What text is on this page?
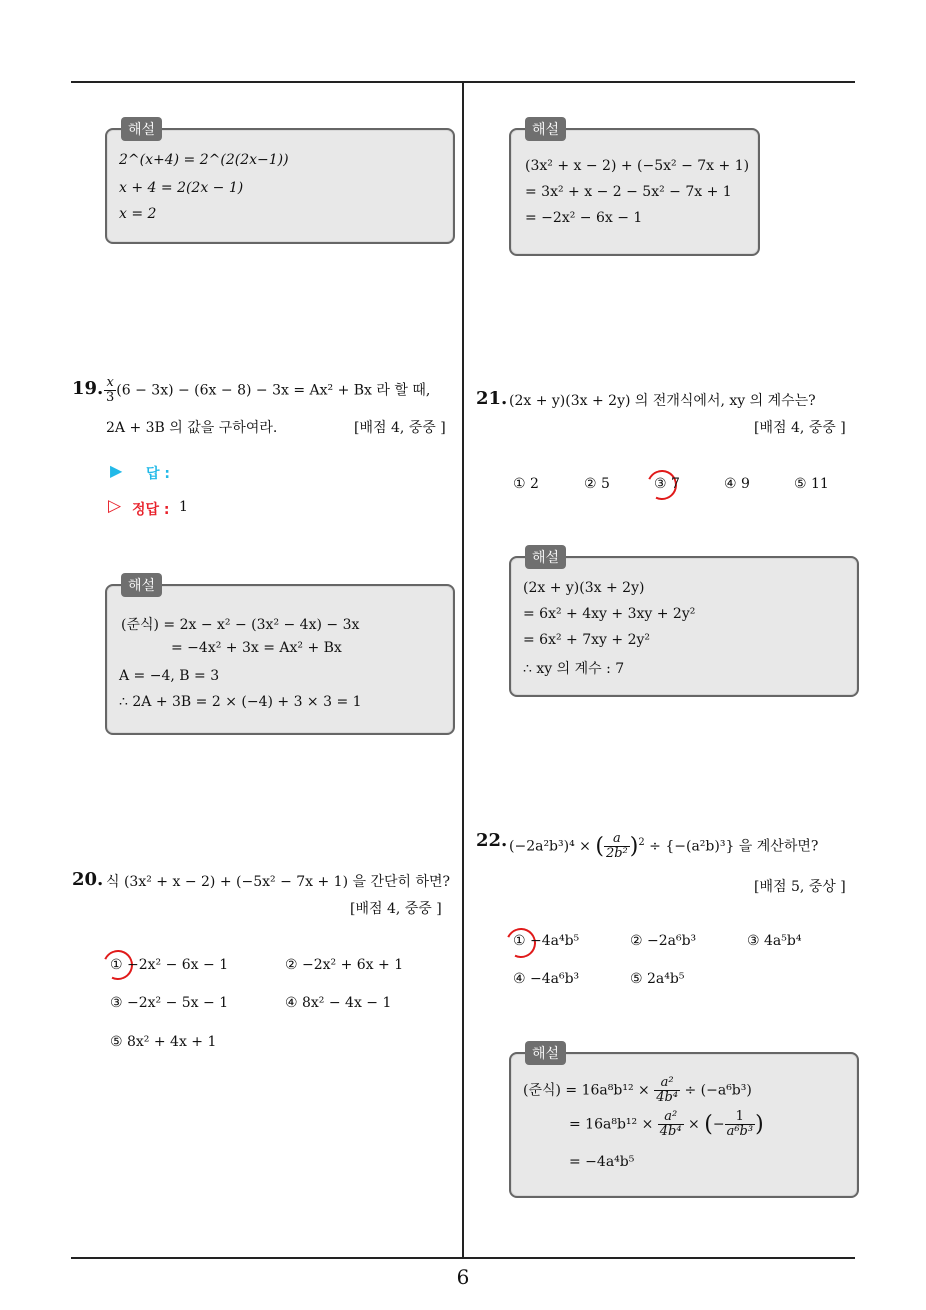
6
해설
2^(x+4) = 2^(2(2x−1))
x + 4 = 2(2x − 1)
x = 2
19. $\frac{x}{3} (6 - 3x) - (6x - 8) - 3x = Ax^2 + Bx$ 라 할 때,
2A + 3B 의 값을 구하여라.	[배점 4, 중중 ]
▶ 답 :
▷ 정답 : 1
해설
(준식) = 2x − x² − (3x² − 4x) − 3x
= −4x² + 3x = Ax² + Bx
A = −4, B = 3
∴ 2A + 3B = 2 × (−4) + 3 × 3 = 1
20. 식 (3x² + x − 2) + (−5x² − 7x + 1) 을 간단히 하면?
[배점 4, 중중 ]
① −2x² − 6x − 1	② −2x² + 6x + 1
③ −2x² − 5x − 1	④ 8x² − 4x − 1
⑤ 8x² + 4x + 1
해설
(3x² + x − 2) + (−5x² − 7x + 1)
= 3x² + x − 2 − 5x² − 7x + 1
= −2x² − 6x − 1
21. (2x + y)(3x + 2y) 의 전개식에서, xy 의 계수는?
[배점 4, 중중 ]
① 2	② 5	③ 7	④ 9	⑤ 11
해설
(2x + y)(3x + 2y)
= 6x² + 4xy + 3xy + 2y²
= 6x² + 7xy + 2y²
∴ xy 의 계수 : 7
22. (−2a²b³)⁴ × ( $\frac{a}{\text{2b²}} )^2 \div \{-(a^2b)^3\}$ 을 계산하면?
[배점 5, 중상 ]
① −4a⁴b⁵	② −2a⁶b³	③ 4a⁵b⁴
④ −4a⁶b³	⑤ 2a⁴b⁵
해설
(준식) = $16a^8b^{12} \times \frac{\text{a²}}{\text{4b⁴}} \div (-a^6b^3)$
= $16a^8b^{12} \times \frac{\text{a²}}{\text{4b⁴}}$ × (− $\frac{1}{\text{a⁶b³}}$ )
= −4a⁴b⁵
